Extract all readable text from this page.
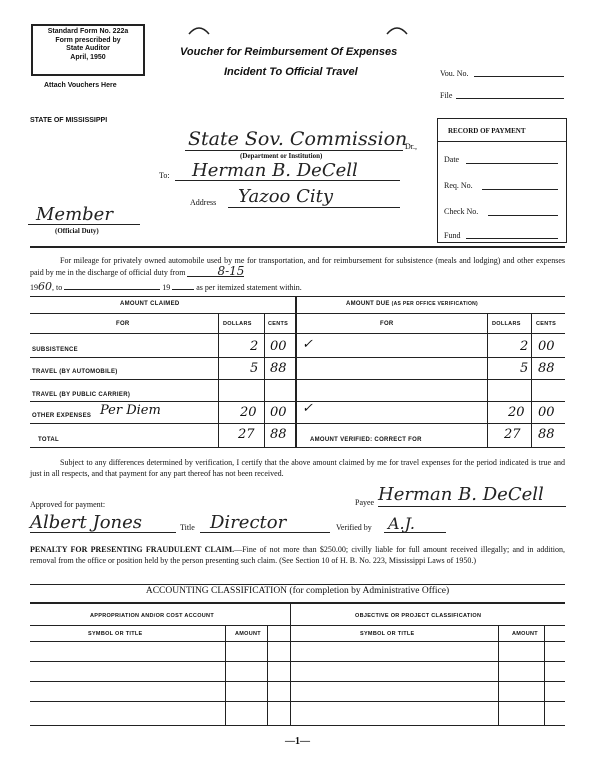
Standard Form No. 222a
Form prescribed by
State Auditor
April, 1950
Attach Vouchers Here
Voucher for Reimbursement Of Expenses
Incident To Official Travel	Vou. No.
File
STATE OF MISSISSIPPI
State Sov. Commission
Dr.,
(Department or Institution)
To: Herman B. DeCell
Address Yazoo City
Member
(Official Duty)
RECORD OF PAYMENT
Date
Req. No.
Check No.
Fund
For mileage for privately owned automobile used by me for transportation, and for reimbursement for subsistence (meals and lodging) and other expenses paid by me in the discharge of official duty from	8-15
1960, to	19	as per itemized statement within.
AMOUNT CLAIMED	AMOUNT DUE (AS PER OFFICE VERIFICATION)
FOR	DOLLARS	CENTS	FOR	DOLLARS	CENTS
SUBSISTENCE	2 00 ✓	2 00
TRAVEL (BY AUTOMOBILE)	5 88	5 88
TRAVEL (BY PUBLIC CARRIER)
OTHER EXPENSES Per Diem	20 00 ✓	20 00
TOTAL	27 88	AMOUNT VERIFIED: CORRECT FOR	27 88
Subject to any differences determined by verification, I certify that the above amount claimed by me for travel expenses for the period indicated is true and just in all respects, and that payment for any part thereof has not been received.
Approved for payment:	Payee Herman B. DeCell
Albert Jones	Title Director	Verified by A.J.
PENALTY FOR PRESENTING FRAUDULENT CLAIM.—Fine of not more than $250.00; civilly liable for full amount received illegally; and in addition, removal from the office or position held by the person presenting such claim. (See Section 10 of H. B. No. 223, Mississippi Laws of 1950.)
ACCOUNTING CLASSIFICATION (for completion by Administrative Office)
APPROPRIATION AND/OR COST ACCOUNT	OBJECTIVE OR PROJECT CLASSIFICATION
SYMBOL OR TITLE	AMOUNT	SYMBOL OR TITLE	AMOUNT
—1—
